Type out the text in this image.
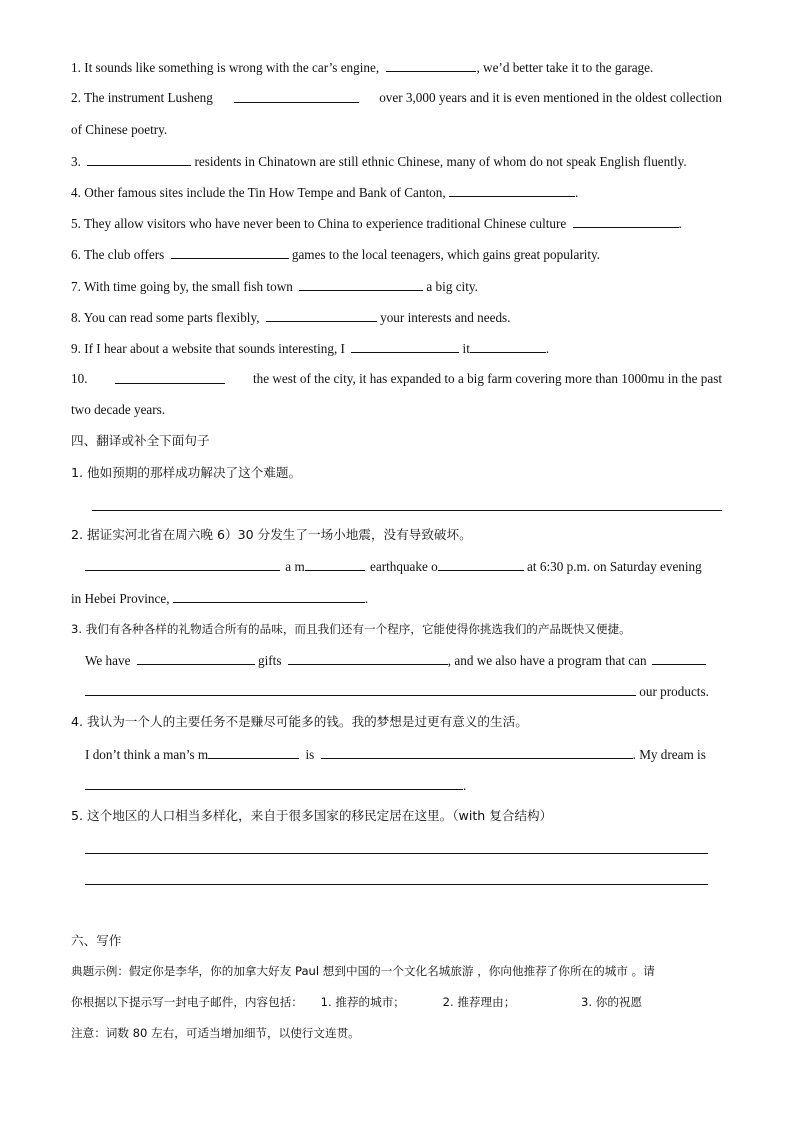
1. It sounds like something is wrong with the car’s engine,	, we’d better take it to the garage.
2. The instrument Lusheng	over 3,000 years and it is even mentioned in the oldest collection
of Chinese poetry.
3.	residents in Chinatown are still ethnic Chinese, many of whom do not speak English fluently.
4. Other famous sites include the Tin How Tempe and Bank of Canton,	.
5. They allow visitors who have never been to China to experience traditional Chinese culture	.
6. The club offers	games to the local teenagers, which gains great popularity.
7. With time going by, the small fish town	a big city.
8. You can read some parts flexibly,	your interests and needs.
9. If I hear about a website that sounds interesting, I	it	.
10.	the west of the city, it has expanded to a big farm covering more than 1000mu in the past
two decade years.
四、翻译或补全下面句子
1. 他如预期的那样成功解决了这个难题。
2. 据证实河北省在周六晚 6）30 分发生了一场小地震，没有导致破坏。
a m	earthquake o	at 6:30 p.m. on Saturday evening
in Hebei Province,	.
3. 我们有各种各样的礼物适合所有的品味，而且我们还有一个程序，它能使得你挑选我们的产品既快又便捷。
We have	gifts	, and we also have a program that can
our products.
4. 我认为一个人的主要任务不是赚尽可能多的钱。我的梦想是过更有意义的生活。
I don’t think a man’s m	is	. My dream is
.
5. 这个地区的人口相当多样化，来自于很多国家的移民定居在这里。（with 复合结构）
六、写作
典题示例：假定你是李华，你的加拿大好友 Paul 想到中国的一个文化名城旅游 ，你向他推荐了你所在的城市 。请
你根据以下提示写一封电子邮件，内容包括： 1. 推荐的城市；	2. 推荐理由；	3. 你的祝愿
注意：词数 80 左右，可适当增加细节，以使行文连贯。
